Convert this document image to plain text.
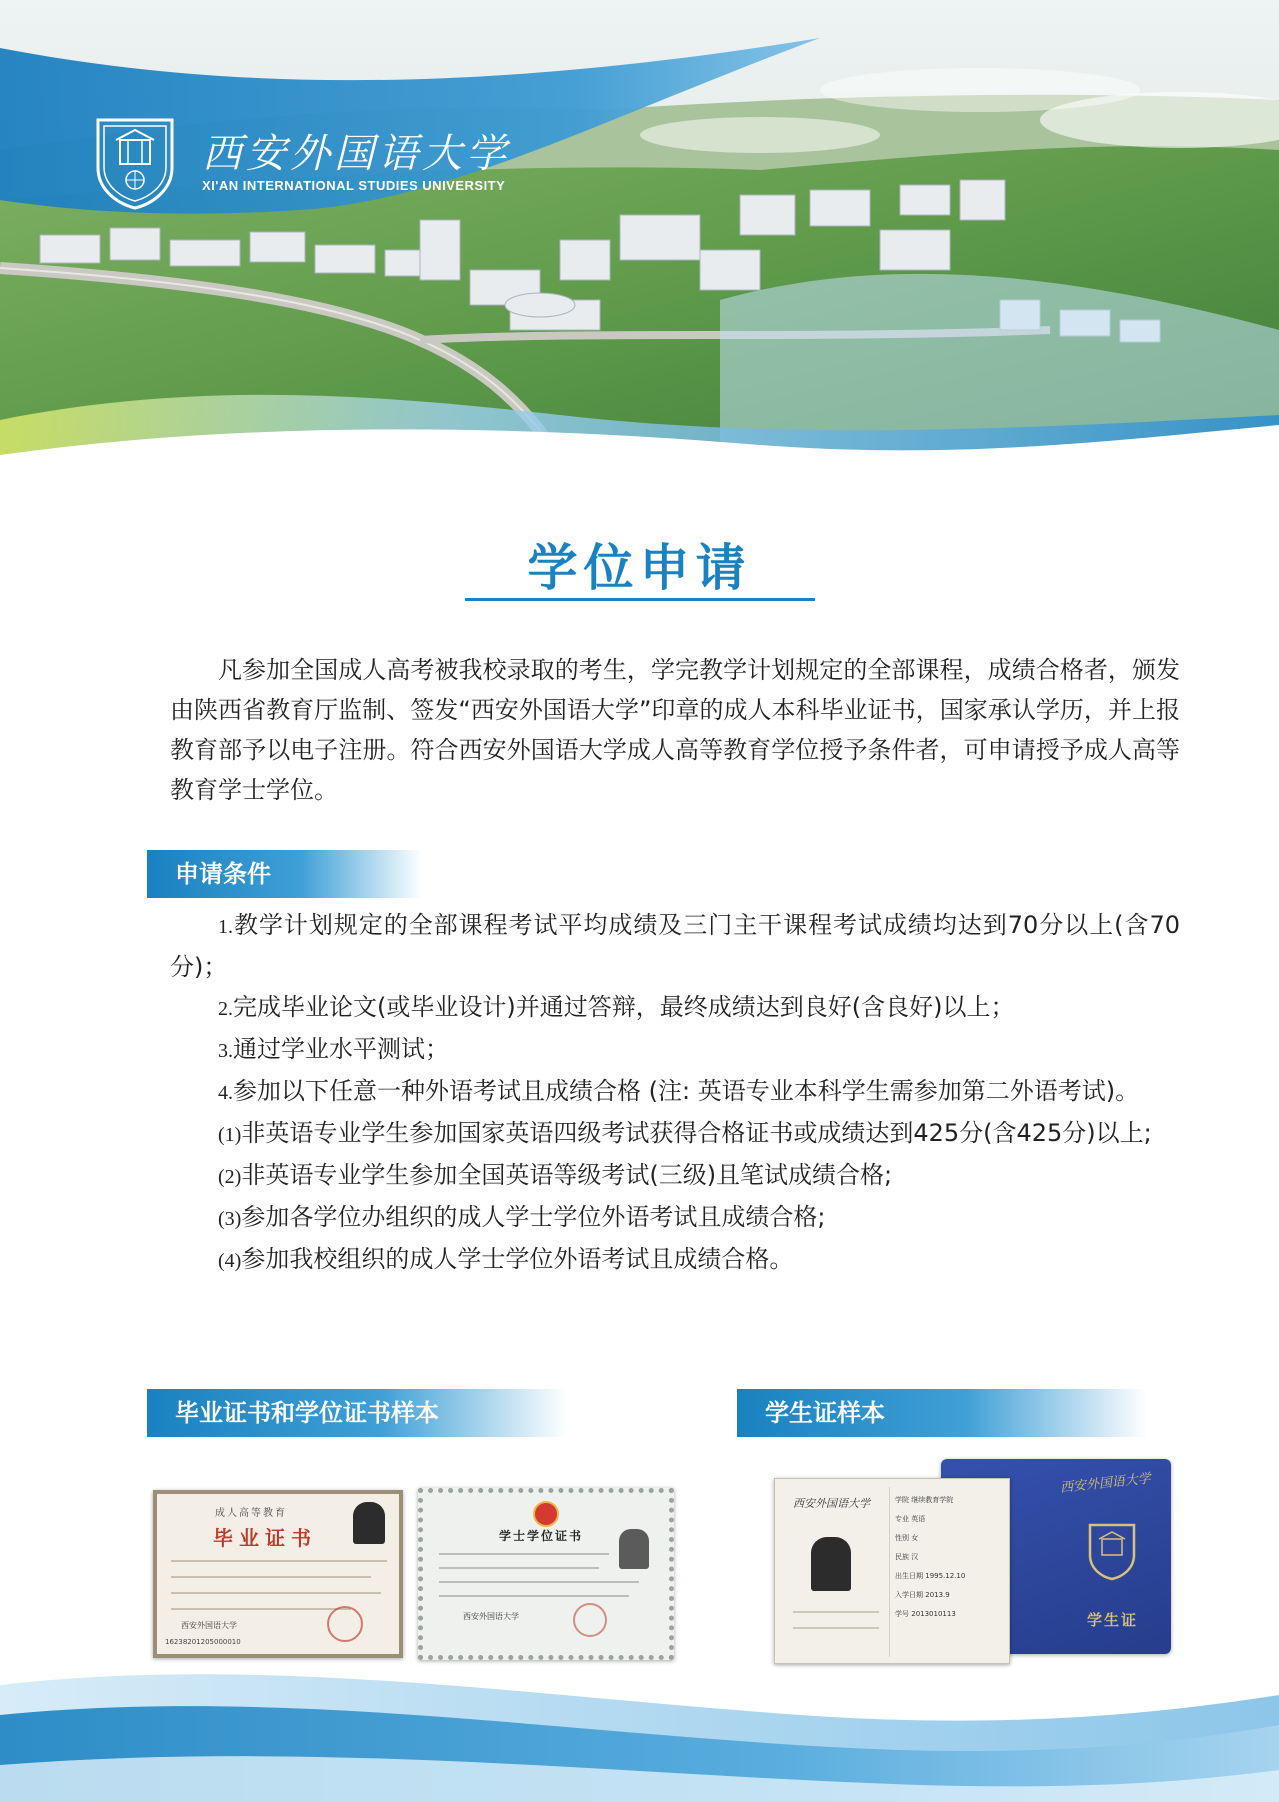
西安外国语大学

XI'AN INTERNATIONAL STUDIES UNIVERSITY

学位申请

凡参加全国成人高考被我校录取的考生，学完教学计划规定的全部课程，成绩合格者，颁发由陕西省教育厅监制、签发“西安外国语大学”印章的成人本科毕业证书，国家承认学历，并上报教育部予以电子注册。符合西安外国语大学成人高等教育学位授予条件者，可申请授予成人高等教育学士学位。

申请条件

1.教学计划规定的全部课程考试平均成绩及三门主干课程考试成绩均达到70分以上(含70分)；

2.完成毕业论文(或毕业设计)并通过答辩，最终成绩达到良好(含良好)以上；

3.通过学业水平测试；

4.参加以下任意一种外语考试且成绩合格 (注: 英语专业本科学生需参加第二外语考试)。

(1)非英语专业学生参加国家英语四级考试获得合格证书或成绩达到425分(含425分)以上;

(2)非英语专业学生参加全国英语等级考试(三级)且笔试成绩合格;

(3)参加各学位办组织的成人学士学位外语考试且成绩合格;

(4)参加我校组织的成人学士学位外语考试且成绩合格。

毕业证书和学位证书样本	学生证样本
成人高等教育
毕业证书
西安外国语大学
16238201205000010
学士学位证书
西安外国语大学
西安外国语大学
学生证
西安外国语大学	学院 继续教育学院
专业 英语
性别 女
民族 汉
出生日期 1995.12.10
入学日期 2013.9
学号 2013010113
